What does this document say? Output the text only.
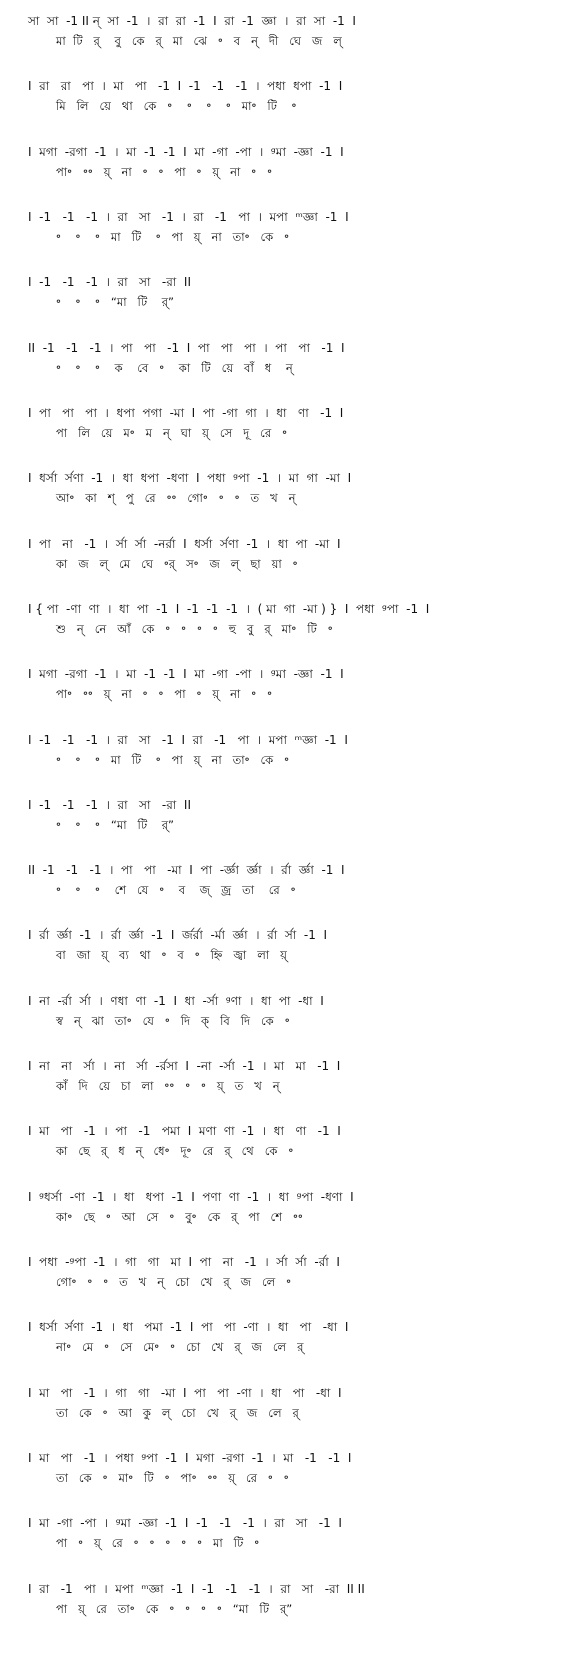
সা  সা  -1 II ন্  সা  -1  ।  রা  রা  -1  I  রা  -1  জ্ঞা  ।  রা  সা  -1  I
মা  টি   র্    বু   কে   র্   মা   ঝে   ॰   ব   ন্   দী   ঘে   জ   ল্
I  রা   রা   পা  ।  মা   পা   -1  I  -1   -1   -1  ।  পধা  ধপা  -1  I
মি   লি   য়ে   থা   কে   ॰    ॰    ॰    ॰   মা॰   টি    ॰
I  মগা  -রগা  -1  ।  মা  -1  -1  I  মা  -গা  -পা  ।  ᵍমা  -জ্ঞা  -1  I
পা॰   ॰॰   য়্   না   ॰   ॰   পা   ॰   য়্   না   ॰   ॰
I  -1   -1   -1  ।  রা   সা   -1  ।  রা   -1   পা  ।  মপা  ᵐজ্ঞা  -1  I
॰    ॰    ॰   মা   টি    ॰   পা   য়্   না   তা॰   কে   ॰
I  -1   -1   -1  ।  রা   সা   -রা  II
॰    ॰    ॰   “মা   টি    র্”
II  -1   -1   -1  ।  পা   পা   -1  I  পা   পা   পা  ।  পা   পা   -1  I
॰    ॰    ॰    ক    বে   ॰    কা   টি   য়ে   বাঁ   ধ    ন্
I  পা   পা   পা  ।  ধপা  পগা  -মা  I  পা  -গা  গা  ।  ধা   ণা   -1  I
পা   লি   য়ে   ম॰   ম   ন্   ঘা   য়্   সে   দূ   রে   ॰
I  ধর্সা  র্সণা  -1  ।  ধা  ধপা  -ধণা  I  পধা  ᵍপা  -1  ।  মা  গা  -মা  I
আ॰   কা   শ্   পু   রে   ॰॰   গো॰   ॰   ॰   ত   খ   ন্
I  পা   না   -1  ।  র্সা  র্সা  -নর্রা  I  ধর্সা  র্সণা  -1  ।  ধা  পা  -মা  I
কা   জ   ল্   মে   ঘে   ॰র্   স॰   জ   ল্   ছা   য়া   ॰
I { পা  -ণা  ণা  ।  ধা  পা  -1  I  -1  -1  -1  ।  ( মা  গা  -মা ) }  I  পধা  ᵍপা  -1  I
শু   ন্   নে   আঁ   কে   ॰   ॰   ॰   ॰   হু   বু   র্   মা॰   টি   ॰
I  মগা  -রগা  -1  ।  মা  -1  -1  I  মা  -গা  -পা  ।  ᵍমা  -জ্ঞা  -1  I
পা॰   ॰॰   য়্   না   ॰   ॰   পা   ॰   য়্   না   ॰   ॰
I  -1   -1   -1  ।  রা   সা   -1  I  রা   -1   পা  ।  মপা  ᵐজ্ঞা  -1  I
॰    ॰    ॰   মা   টি    ॰   পা   য়্   না   তা॰   কে   ॰
I  -1   -1   -1  ।  রা   সা   -রা  II
॰    ॰    ॰   “মা   টি    র্”
II  -1   -1   -1  ।  পা   পা   -মা  I  পা  -র্জ্ঞা  র্জ্ঞা  ।  র্রা  র্জ্ঞা  -1  I
॰    ॰    ॰    শে   যে   ॰    ব    জ্   জ্র   তা    রে   ॰
I  র্রা  র্জ্ঞা  -1  ।  র্রা  র্জ্ঞা  -1  I  র্জর্রা  -র্মা  র্জ্ঞা  ।  র্রা  র্সা  -1  I
বা   জা   য়্   ব্য   থা   ॰   ব   ॰   হ্নি   জ্বা   লা   য়্
I  না  -র্রা  র্সা  ।  ণধা  ণা  -1  I  ধা  -র্সা  ᵍণা  ।  ধা  পা  -ধা  I
স্ব   ন্   ঝা   তা॰   যে   ॰   দি   ক্   বি   দি   কে   ॰
I  না   না   র্সা  ।  না   র্সা  -র্রসা  I  -না  -র্সা  -1  ।  মা   মা   -1  I
কাঁ   দি   য়ে   চা   লা   ॰॰   ॰   ॰   য়্   ত   খ   ন্
I  মা   পা   -1  ।  পা   -1   পমা  I  মণা  ণা  -1  ।  ধা   ণা   -1  I
কা   ছে   র্   ধ   ন্   ধে॰   দূ॰   রে   র্   থে   কে   ॰
I  ᵍধর্সা  -ণা  -1  ।  ধা   ধপা  -1  I  পণা  ণা  -1  ।  ধা  ᵍপা  -ধণা  I
কা॰   ছে   ॰   আ   সে   ॰   বু॰   কে   র্   পা   শে   ॰॰
I  পধা  -ᵍপা  -1  ।  গা   গা   মা  I  পা   না   -1  ।  র্সা  র্সা  -র্রা  I
গো॰   ॰   ॰   ত   খ   ন্   চো   খে   র্   জ   লে   ॰
I  ধর্সা  র্সণা  -1  ।  ধা   পমা  -1  I  পা   পা  -ণা  ।  ধা   পা   -ধা  I
না॰   মে   ॰   সে   মে॰   ॰   চো   খে   র্   জ   লে   র্
I  মা   পা   -1  ।  গা   গা   -মা  I  পা   পা  -ণা  ।  ধা   পা   -ধা  I
তা   কে   ॰   আ   কু   ল্   চো   খে   র্   জ   লে   র্
I  মা   পা   -1  ।  পধা  ᵍপা  -1  I  মগা  -রগা  -1  ।  মা   -1   -1  I
তা   কে   ॰   মা॰   টি   ॰   পা॰   ॰॰   য়্   রে   ॰   ॰
I  মা  -গা  -পা  ।  ᵍমা  -জ্ঞা  -1  I  -1   -1   -1  ।  রা   সা   -1  I
পা   ॰   য়্   রে   ॰   ॰   ॰   ॰   ॰   মা   টি   ॰
I  রা   -1   পা  ।  মপা  ᵐজ্ঞা  -1  I  -1   -1   -1  ।  রা   সা   -রা  II II
পা   য়্   রে   তা॰   কে   ॰   ॰   ॰   ॰   “মা   টি   র্”
